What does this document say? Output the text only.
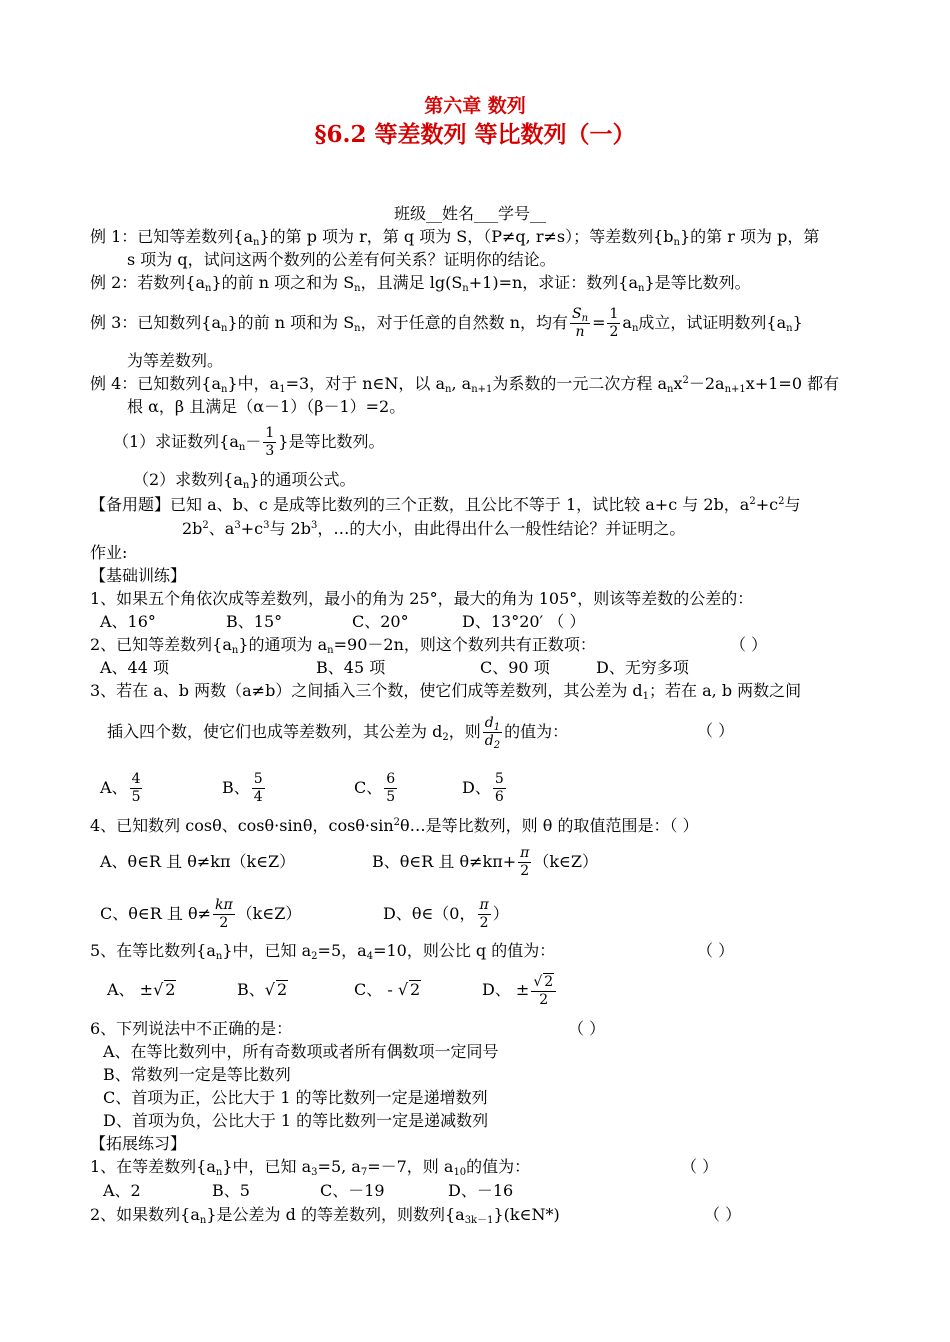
第六章 数列
§6.2 等差数列 等比数列（一）
班级__姓名___学号__
例 1：已知等差数列$\{a_n\}$的第 p 项为 r，第 q 项为 S，（P≠q, r≠s）；等差数列$\{b_n\}$的第 r 项为 p，第
s 项为 q，试问这两个数列的公差有何关系？证明你的结论。
例 2：若数列$\{a_n\}$的前 n 项之和为 $S_n$，且满足 $\lg(S_n+1)=n$，求证：数列$\{a_n\}$是等比数列。
例 3：已知数列$\{a_n\}$的前 n 项和为 $S_n$，对于任意的自然数 n，均有 $\frac{S_n}{n} = \frac{1}{2} a_n$成立，试证明数列$\{a_n\}$
为等差数列。
例 4：已知数列$\{a_n\}$中，$a_1=3$，对于 n∈N，以 $a_n$, $a_{n+1}$为系数的一元二次方程 $a_nx^2-2a_{n+1}x+1=0$ 都有
根 α，β 且满足（α－1）（β－1）=2。
（1）求证数列{$a_n- \frac{1}{3}$ }是等比数列。
（2）求数列$\{a_n\}$的通项公式。
【备用题】已知 a、b、c 是成等比数列的三个正数，且公比不等于 1，试比较 a+c 与 2b，$a^2+c^2$与
$2b^2$、$a^3+c^3$与 $2b^3$，…的大小，由此得出什么一般性结论？并证明之。
作业:
【基础训练】
1、如果五个角依次成等差数列，最小的角为 25°，最大的角为 105°，则该等差数的公差的：
A、16°	B、15°	C、20°	D、13°20′ （ ）
2、已知等差数列$\{a_n\}$的通项为 $a_n=90-2n$，则这个数列共有正数项：	（ ）
A、44 项	B、45 项	C、90 项	D、无穷多项
3、若在 a、b 两数（a≠b）之间插入三个数，使它们成等差数列，其公差为 $d_1$；若在 a, b 两数之间
插入四个数，使它们也成等差数列，其公差为 $d_2$，则 $\frac{d_1}{d_2}$ 的值为：	（ ）
A、 $\frac{4}{5}$	B、 $\frac{5}{4}$	C、 $\frac{6}{5}$	D、 $\frac{5}{6}$
4、已知数列 cosθ、cosθ·sinθ，$\cos\theta\cdot\sin^2\theta\dots$是等比数列，则 θ 的取值范围是：（ ）
A、θ∈R 且 θ≠kπ（k∈Z）	B、θ∈R 且 $\theta\ne k\pi+ \frac{\pi}{2}$ （k∈Z）
C、θ∈R 且 $\theta\ne \frac{k\pi}{2}$ （k∈Z）	D、θ∈（0， $\frac{\pi}{2}$ ）
5、在等比数列$\{a_n\}$中，已知 $a_2=5$，$a_4=10$，则公比 q 的值为：	（ ）
A、 ±√ 2	B、√ 2	C、 - √ 2	D、 ± $\frac{√ 2}{2}$
6、下列说法中不正确的是：	（ ）
A、在等比数列中，所有奇数项或者所有偶数项一定同号
B、常数列一定是等比数列
C、首项为正，公比大于 1 的等比数列一定是递增数列
D、首项为负，公比大于 1 的等比数列一定是递减数列
【拓展练习】
1、在等差数列$\{a_n\}$中，已知 $a_3=5$, $a_7=-7$，则 $a_{10}$的值为：	（ ）
A、2	B、5	C、－19	D、－16
2、如果数列$\{a_n\}$是公差为 d 的等差数列，则数列$\{a_{3k-1}\}(k\in N*)$	（ ）
